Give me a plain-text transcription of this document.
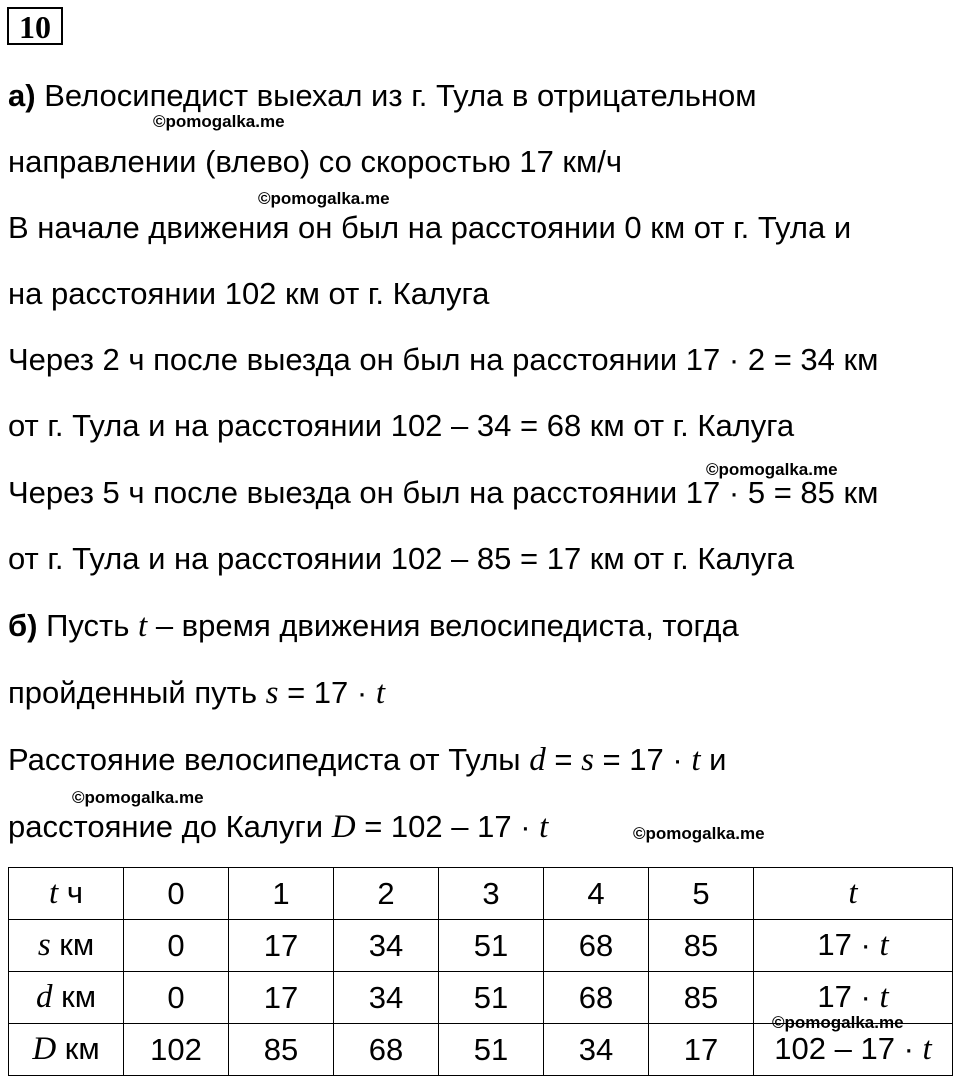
10
а) Велосипедист выехал из г. Тула в отрицательном
направлении (влево) со скоростью 17 км/ч
В начале движения он был на расстоянии 0 км от г. Тула и
на расстоянии 102 км от г. Калуга
Через 2 ч после выезда он был на расстоянии 17 · 2 = 34 км
от г. Тула и на расстоянии 102 – 34 = 68 км от г. Калуга
Через 5 ч после выезда он был на расстоянии 17 · 5 = 85 км
от г. Тула и на расстоянии 102 – 85 = 17 км от г. Калуга
б) Пусть t – время движения велосипедиста, тогда
пройденный путь s = 17 · t
Расстояние велосипедиста от Тулы d = s = 17 · t и
расстояние до Калуги D = 102 – 17 · t
t ч	0	1	2	3	4	5	t
s км	0	17	34	51	68	85	17 · t
d км	0	17	34	51	68	85	17 · t
D км	102	85	68	51	34	17	102 – 17 · t
©pomogalka.me
©pomogalka.me
©pomogalka.me
©pomogalka.me
©pomogalka.me
©pomogalka.me
